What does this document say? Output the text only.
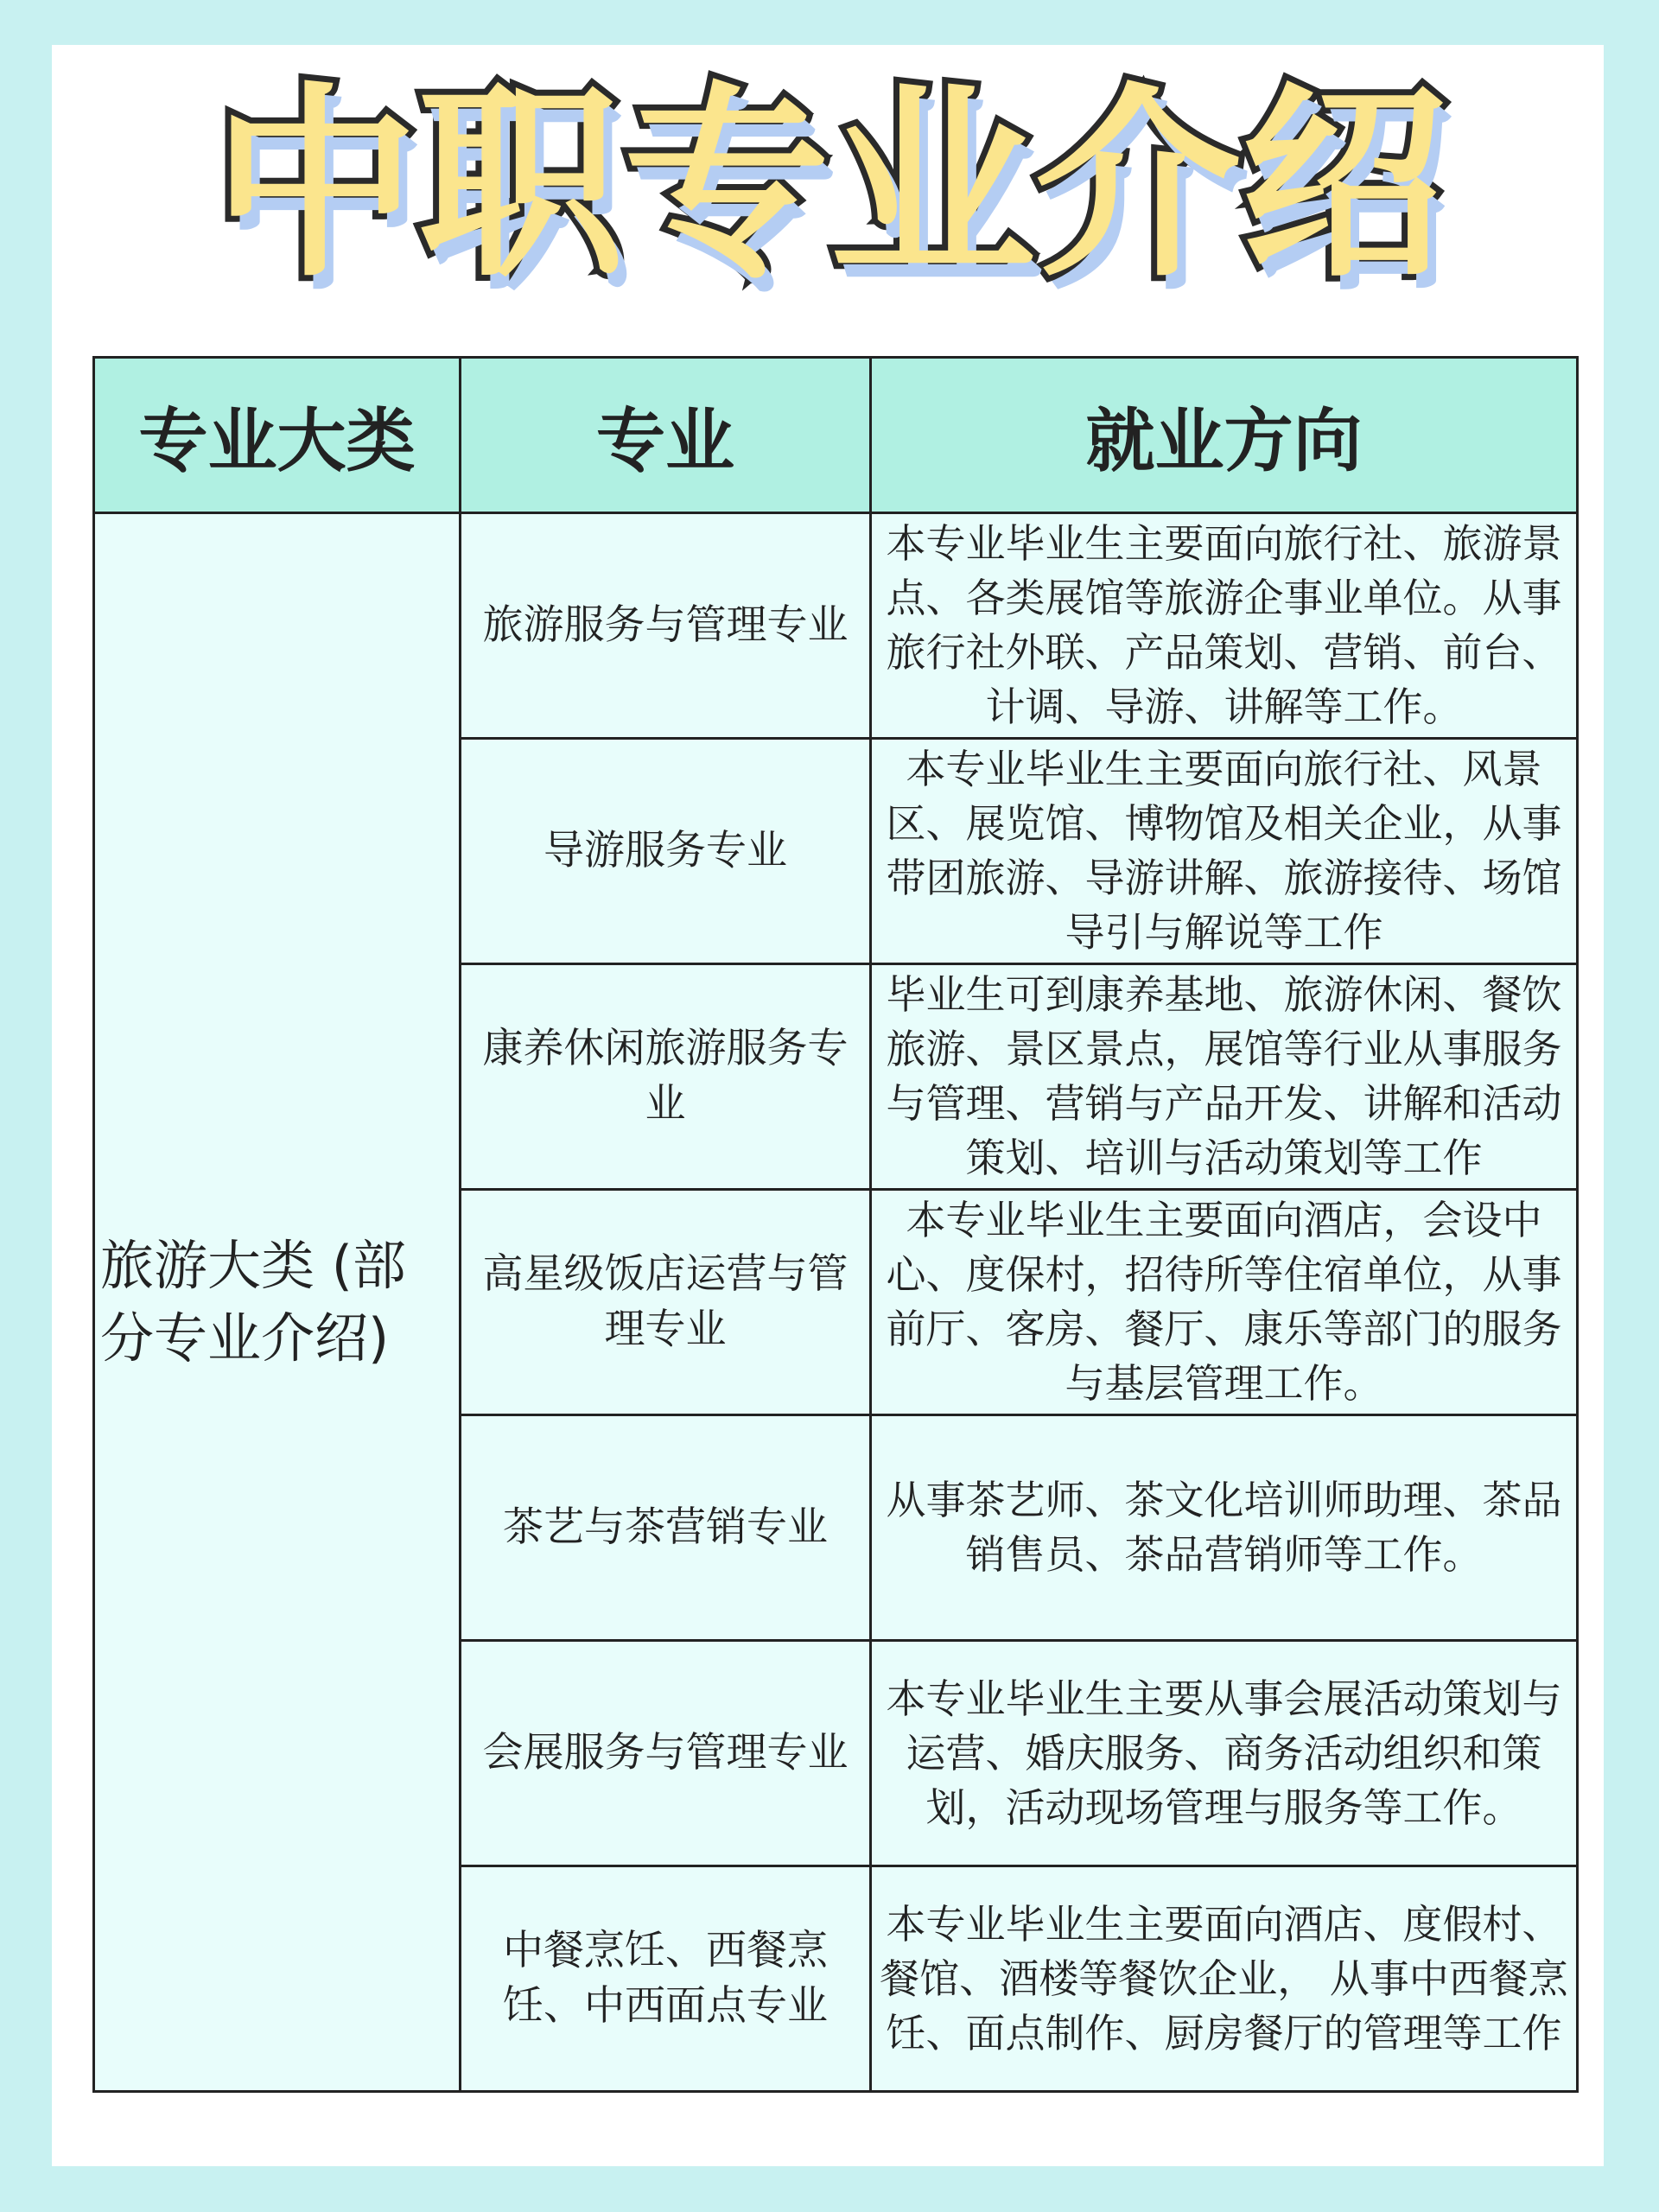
中职专业介绍
专业大类	专业	就业方向
旅游大类 (部分专业介绍)	旅游服务与管理专业	本专业毕业生主要面向旅行社、旅游景点、各类展馆等旅游企事业单位。从事旅行社外联、产品策划、营销、前台、计调、导游、讲解等工作。
	导游服务专业	本专业毕业生主要面向旅行社、风景区、展览馆、博物馆及相关企业，从事带团旅游、导游讲解、旅游接待、场馆导引与解说等工作
	康养休闲旅游服务专业	毕业生可到康养基地、旅游休闲、餐饮旅游、景区景点，展馆等行业从事服务与管理、营销与产品开发、讲解和活动策划、培训与活动策划等工作
	高星级饭店运营与管理专业	本专业毕业生主要面向酒店，会设中心、度保村，招待所等住宿单位，从事前厅、客房、餐厅、康乐等部门的服务与基层管理工作。
	茶艺与茶营销专业	从事茶艺师、茶文化培训师助理、茶品销售员、茶品营销师等工作。
	会展服务与管理专业	本专业毕业生主要从事会展活动策划与运营、婚庆服务、商务活动组织和策划，活动现场管理与服务等工作。
	中餐烹饪、西餐烹饪、中西面点专业	本专业毕业生主要面向酒店、度假村、餐馆、酒楼等餐饮企业， 从事中西餐烹饪、面点制作、厨房餐厅的管理等工作
